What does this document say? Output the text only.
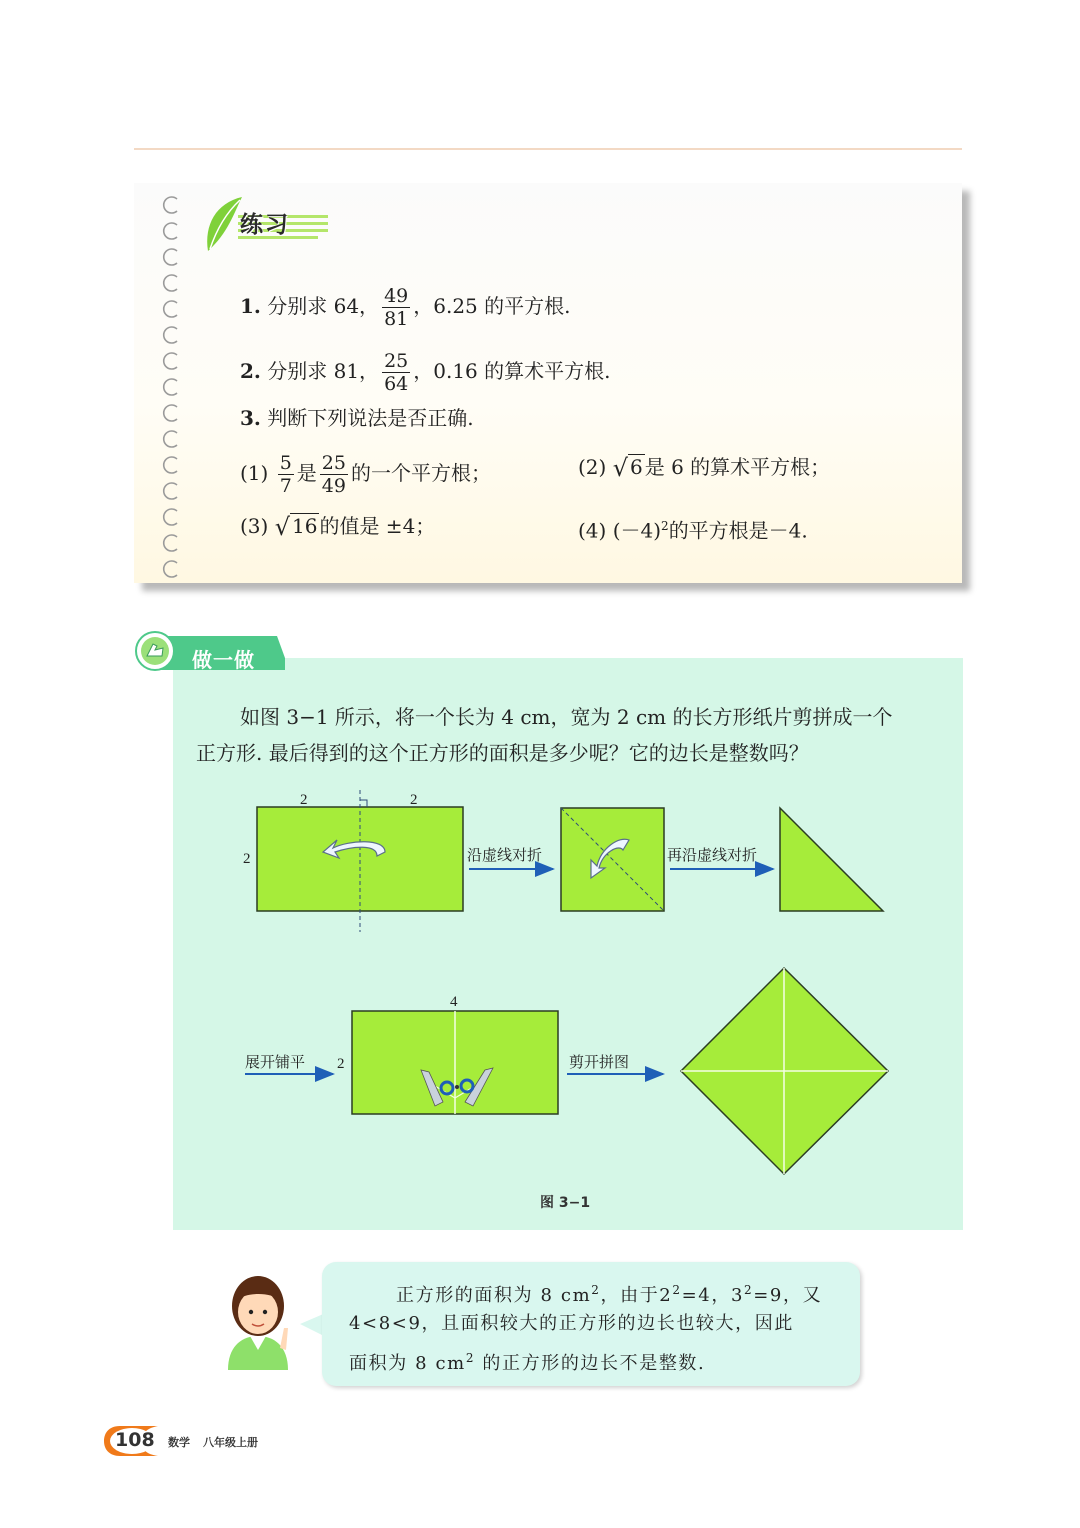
练习
1. 分别求 64， $\frac{49}{81}$ ，6.25 的平方根.
2. 分别求 81， $\frac{25}{64}$ ，0.16 的算术平方根.
3. 判断下列说法是否正确.
$(1) \frac{5}{7}$ 是 $\frac{25}{49}$ 的一个平方根；	(2) √ 6 是 6 的算术平方根；
(3) √ 16 的值是 ±4；	(4) $(-4)^2$的平方根是－4.
做一做
如图 3−1 所示，将一个长为 4 cm，宽为 2 cm 的长方形纸片剪拼成一个
正方形. 最后得到的这个正方形的面积是多少呢？它的边长是整数吗？
2	2
2	沿虚线对折	再沿虚线对折
展开铺平
4
2	剪开拼图
图 3−1
正方形的面积为 8 $cm^2$，由于$2^2=4$，$3^2=9$，又
4<8<9，且面积较大的正方形的边长也较大，因此
面积为 8 $cm^2$ 的正方形的边长不是整数.
108 数学 八年级上册
